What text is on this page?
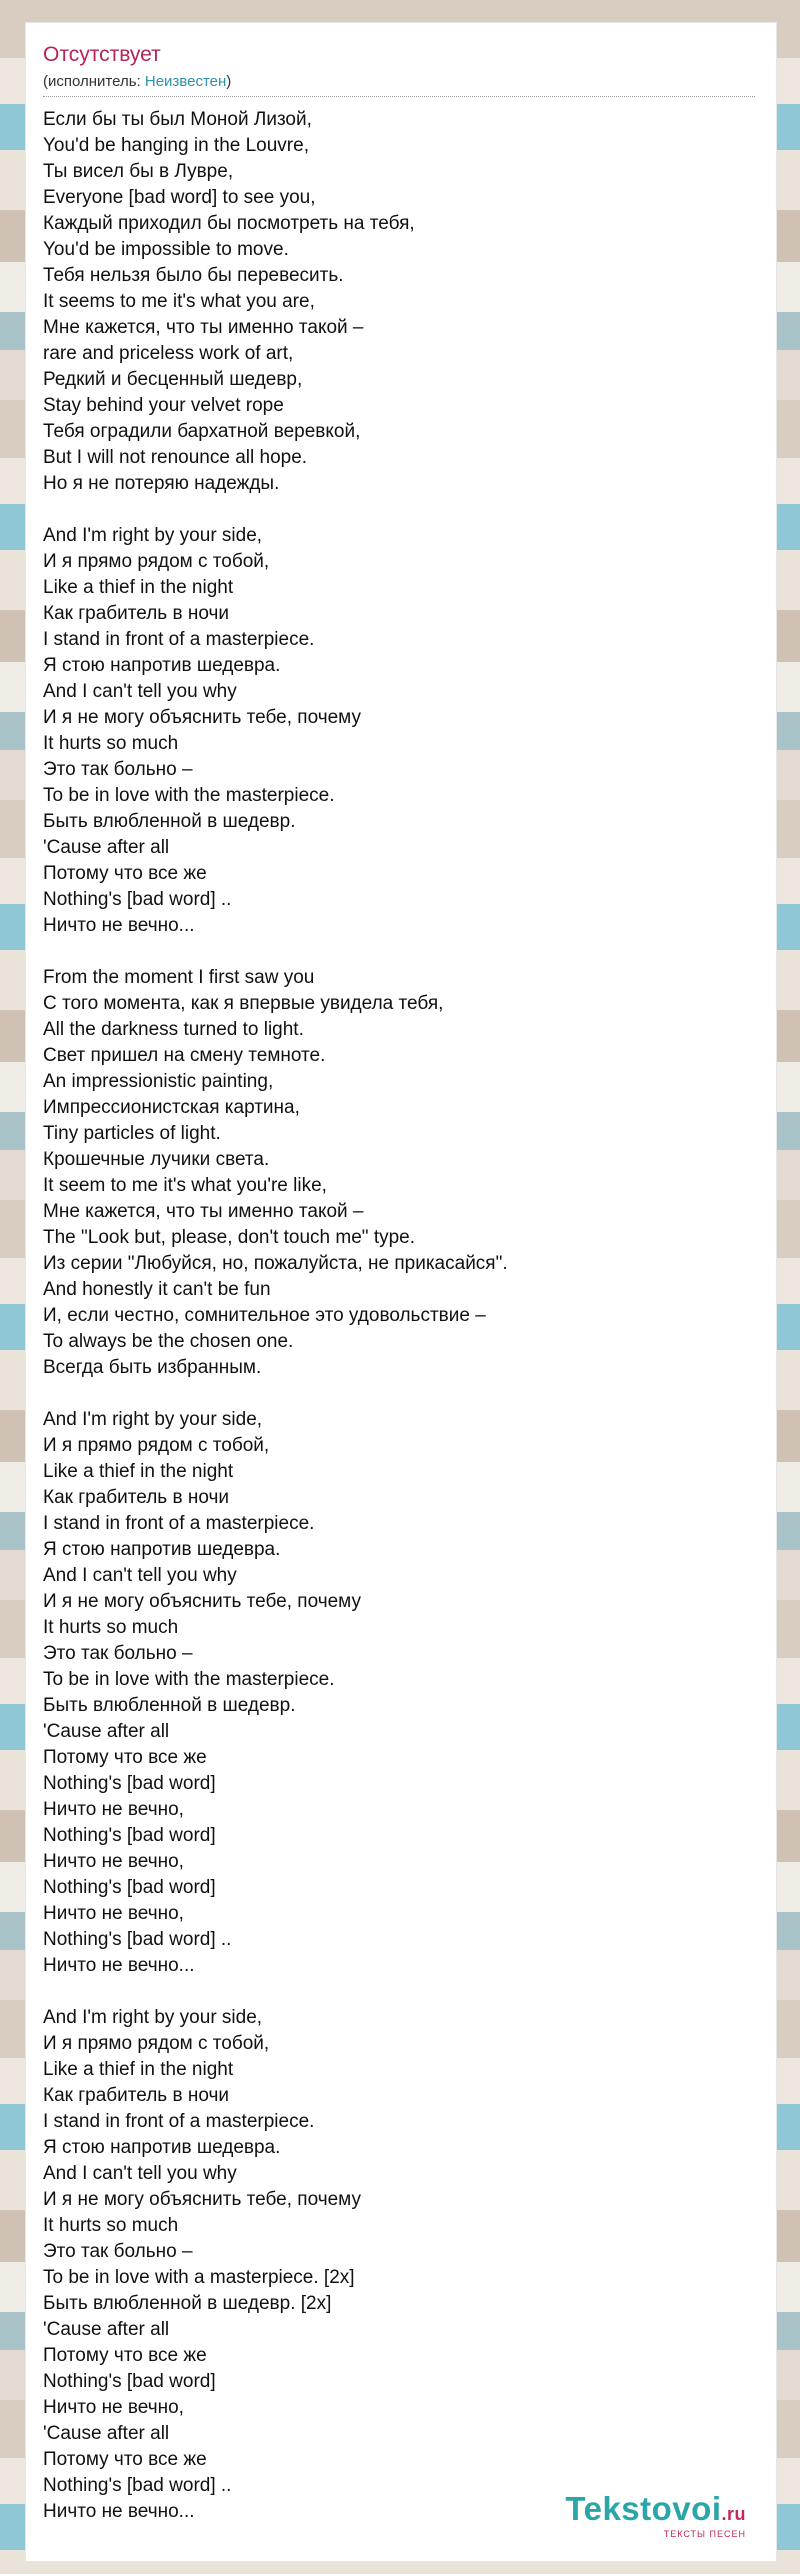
Отсутствует
(исполнитель: Неизвестен)
Если бы ты был Моной Лизой,
You'd be hanging in the Louvre,
Ты висел бы в Лувре,
Everyone [bad word] to see you,
Каждый приходил бы посмотреть на тебя,
You'd be impossible to move.
Тебя нельзя было бы перевесить.
It seems to me it's what you are,
Мне кажется, что ты именно такой –
rare and priceless work of art,
Редкий и бесценный шедевр,
Stay behind your velvet rope
Тебя оградили бархатной веревкой,
But I will not renounce all hope.
Но я не потеряю надежды.

And I'm right by your side,
И я прямо рядом с тобой,
Like a thief in the night
Как грабитель в ночи
I stand in front of a masterpiece.
Я стою напротив шедевра.
And I can't tell you why
И я не могу объяснить тебе, почему
It hurts so much
Это так больно –
To be in love with the masterpiece.
Быть влюбленной в шедевр.
'Cause after all
Потому что все же
Nothing's [bad word] ..
Ничто не вечно...

From the moment I first saw you
С того момента, как я впервые увидела тебя,
All the darkness turned to light.
Свет пришел на смену темноте.
An impressionistic painting,
Импрессионистская картина,
Tiny particles of light.
Крошечные лучики света.
It seem to me it's what you're like,
Мне кажется, что ты именно такой –
The "Look but, please, don't touch me" type.
Из серии "Любуйся, но, пожалуйста, не прикасайся".
And honestly it can't be fun
И, если честно, сомнительное это удовольствие –
To always be the chosen one.
Всегда быть избранным.

And I'm right by your side,
И я прямо рядом с тобой,
Like a thief in the night
Как грабитель в ночи
I stand in front of a masterpiece.
Я стою напротив шедевра.
And I can't tell you why
И я не могу объяснить тебе, почему
It hurts so much
Это так больно –
To be in love with the masterpiece.
Быть влюбленной в шедевр.
'Cause after all
Потому что все же
Nothing's [bad word]
Ничто не вечно,
Nothing's [bad word]
Ничто не вечно,
Nothing's [bad word]
Ничто не вечно,
Nothing's [bad word] ..
Ничто не вечно...

And I'm right by your side,
И я прямо рядом с тобой,
Like a thief in the night
Как грабитель в ночи
I stand in front of a masterpiece.
Я стою напротив шедевра.
And I can't tell you why
И я не могу объяснить тебе, почему
It hurts so much
Это так больно –
To be in love with a masterpiece. [2x]
Быть влюбленной в шедевр. [2x]
'Cause after all
Потому что все же
Nothing's [bad word]
Ничто не вечно,
'Cause after all
Потому что все же
Nothing's [bad word] ..
Ничто не вечно...	Tekstovoi.ru
ТЕКСТЫ ПЕСЕН
